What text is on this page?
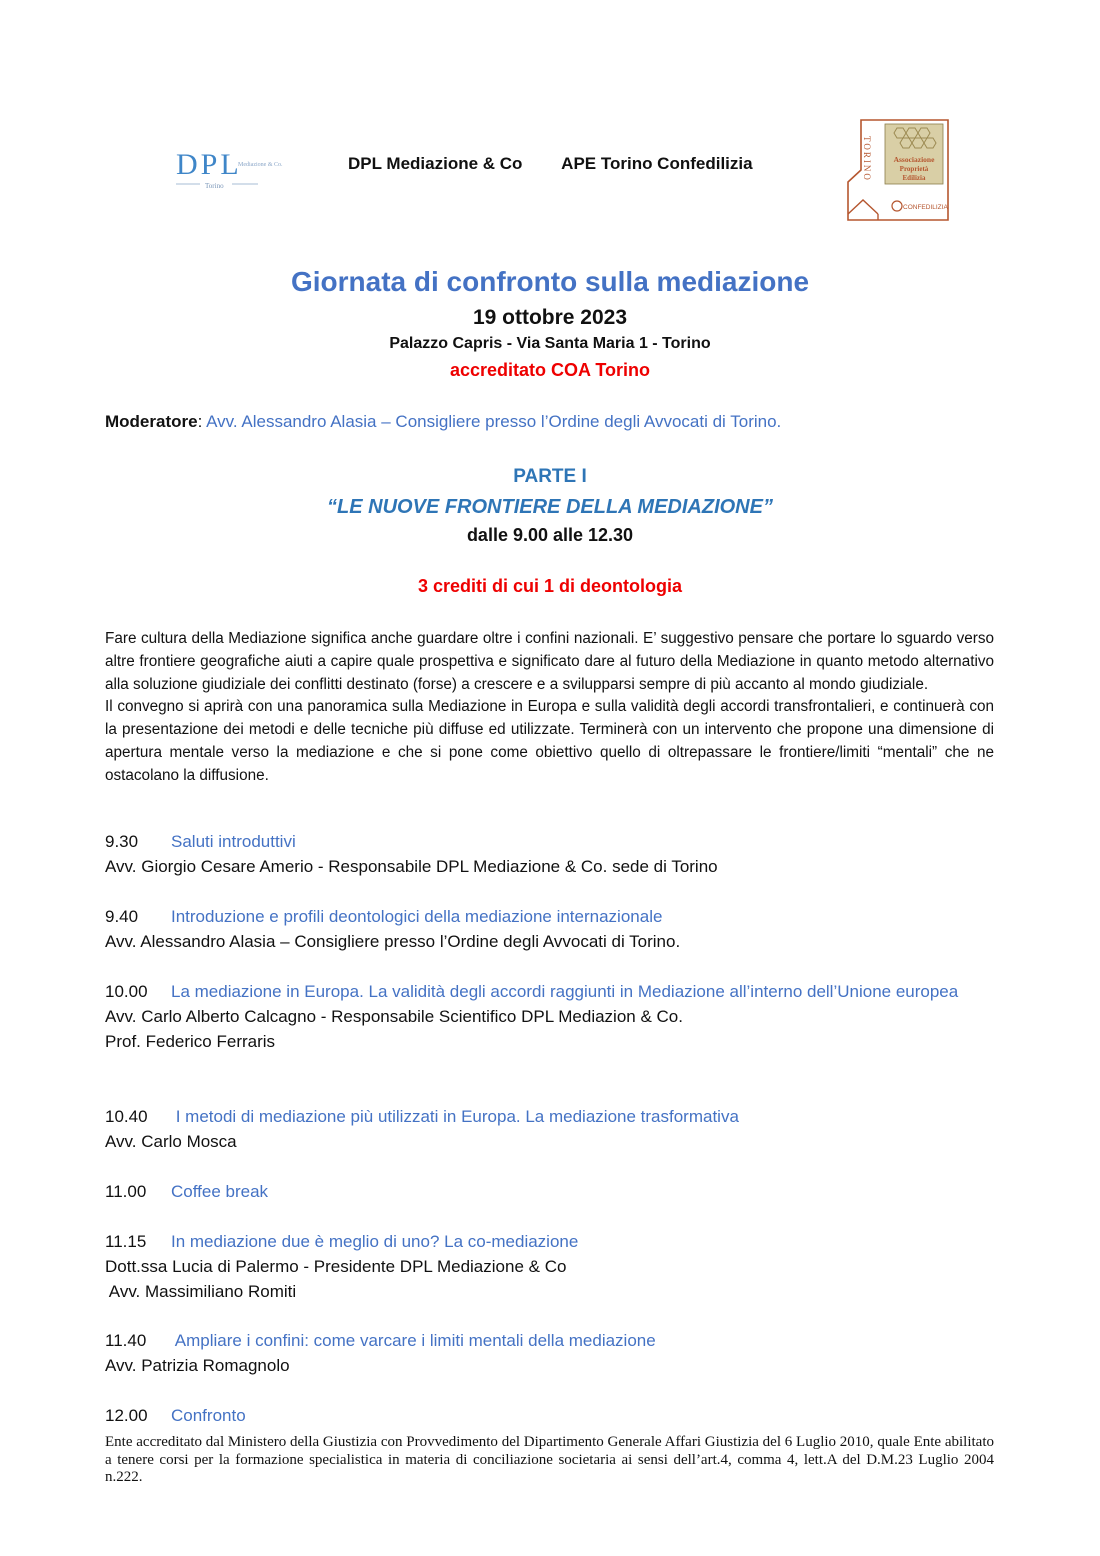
DPL
Mediazione & Co.
Torino
DPL Mediazione & Co APE Torino Confedilizia	TORINO	Associazione
Proprietà
Edilizia
CONFEDILIZIA
Giornata di confronto sulla mediazione
19 ottobre 2023
Palazzo Capris - Via Santa Maria 1 - Torino
accreditato COA Torino
Moderatore: Avv. Alessandro Alasia – Consigliere presso l’Ordine degli Avvocati di Torino.
PARTE I
“LE NUOVE FRONTIERE DELLA MEDIAZIONE”
dalle 9.00 alle 12.30
3 crediti di cui 1 di deontologia

Fare cultura della Mediazione significa anche guardare oltre i confini nazionali. E’ suggestivo pensare che portare lo sguardo verso altre frontiere geografiche aiuti a capire quale prospettiva e significato dare al futuro della Mediazione in quanto metodo alternativo alla soluzione giudiziale dei conflitti destinato (forse) a crescere e a svilupparsi sempre di più accanto al mondo giudiziale.

Il convegno si aprirà con una panoramica sulla Mediazione in Europa e sulla validità degli accordi transfrontalieri, e continuerà con la presentazione dei metodi e delle tecniche più diffuse ed utilizzate. Terminerà con un intervento che propone una dimensione di apertura mentale verso la mediazione e che si pone come obiettivo quello di oltrepassare le frontiere/limiti “mentali” che ne ostacolano la diffusione.

9.30 Saluti introduttivi
Avv. Giorgio Cesare Amerio - Responsabile DPL Mediazione & Co. sede di Torino
9.40 Introduzione e profili deontologici della mediazione internazionale
Avv. Alessandro Alasia – Consigliere presso l’Ordine degli Avvocati di Torino.
10.00 La mediazione in Europa. La validità degli accordi raggiunti in Mediazione all’interno dell’Unione europea
Avv. Carlo Alberto Calcagno - Responsabile Scientifico DPL Mediazion & Co.
Prof. Federico Ferraris
10.40 I metodi di mediazione più utilizzati in Europa. La mediazione trasformativa
Avv. Carlo Mosca
11.00 Coffee break
11.15 In mediazione due è meglio di uno? La co-mediazione
Dott.ssa Lucia di Palermo - Presidente DPL Mediazione & Co
Avv. Massimiliano Romiti
11.40 Ampliare i confini: come varcare i limiti mentali della mediazione
Avv. Patrizia Romagnolo
12.00 Confronto

Ente accreditato dal Ministero della Giustizia con Provvedimento del Dipartimento Generale Affari Giustizia del 6 Luglio 2010, quale Ente abilitato a tenere corsi per la formazione specialistica in materia di conciliazione societaria ai sensi dell’art.4, comma 4, lett.A del D.M.23 Luglio 2004 n.222.
